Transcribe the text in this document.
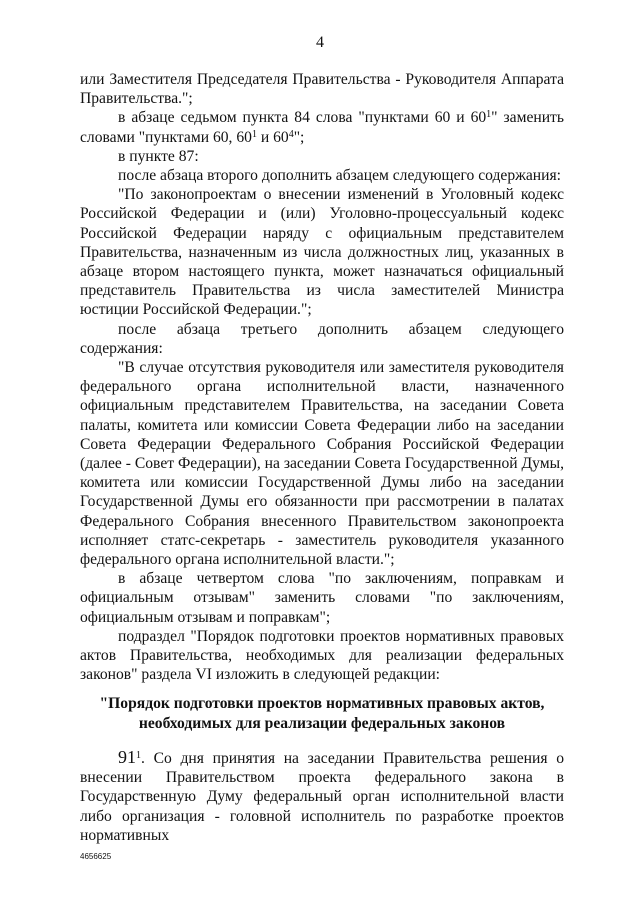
4

или Заместителя Председателя Правительства - Руководителя Аппарата Правительства.";

в абзаце седьмом пункта 84 слова "пунктами 60 и $60^1$" заменить словами "пунктами 60, $60^1$ и $60^4$";

в пункте 87:

после абзаца второго дополнить абзацем следующего содержания:

"По законопроектам о внесении изменений в Уголовный кодекс Российской Федерации и (или) Уголовно-процессуальный кодекс Российской Федерации наряду с официальным представителем Правительства, назначенным из числа должностных лиц, указанных в абзаце втором настоящего пункта, может назначаться официальный представитель Правительства из числа заместителей Министра юстиции Российской Федерации.";

после абзаца третьего дополнить абзацем следующего содержания:

"В случае отсутствия руководителя или заместителя руководителя федерального органа исполнительной власти, назначенного официальным представителем Правительства, на заседании Совета палаты, комитета или комиссии Совета Федерации либо на заседании Совета Федерации Федерального Собрания Российской Федерации (далее - Совет Федерации), на заседании Совета Государственной Думы, комитета или комиссии Государственной Думы либо на заседании Государственной Думы его обязанности при рассмотрении в палатах Федерального Собрания внесенного Правительством законопроекта исполняет статс-секретарь - заместитель руководителя указанного федерального органа исполнительной власти.";

в абзаце четвертом слова "по заключениям, поправкам и официальным отзывам" заменить словами "по заключениям, официальным отзывам и поправкам";

подраздел "Порядок подготовки проектов нормативных правовых актов Правительства, необходимых для реализации федеральных законов" раздела VI изложить в следующей редакции:

"Порядок подготовки проектов нормативных правовых актов,

необходимых для реализации федеральных законов

$91^1$. Со дня принятия на заседании Правительства решения о внесении Правительством проекта федерального закона в Государственную Думу федеральный орган исполнительной власти либо организация - головной исполнитель по разработке проектов нормативных

4656625
